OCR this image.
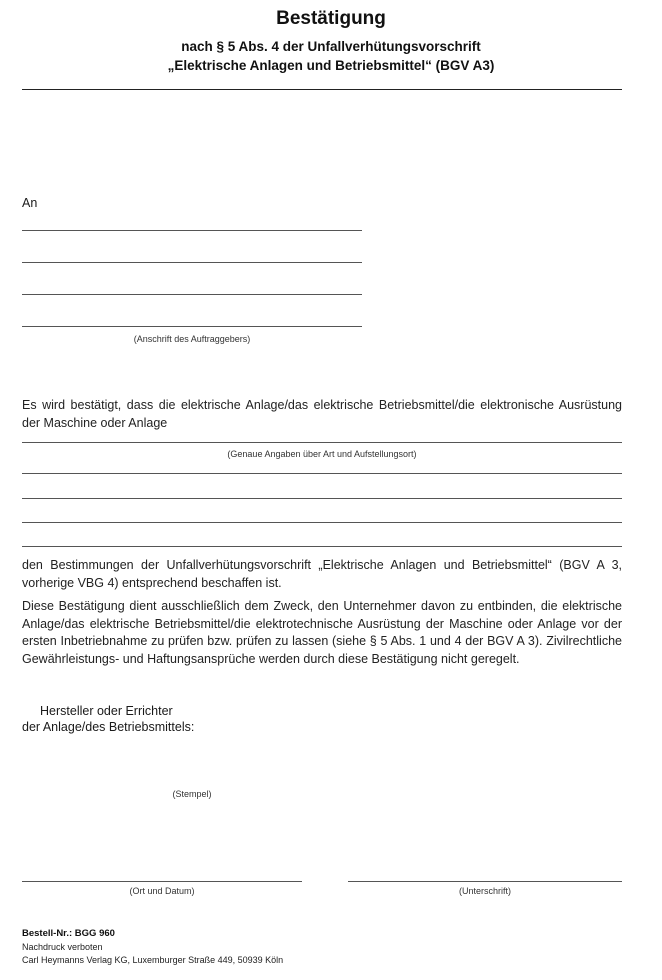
Bestätigung
nach § 5 Abs. 4 der Unfallverhütungsvorschrift
„Elektrische Anlagen und Betriebsmittel“ (BGV A3)
An
(Anschrift des Auftraggebers)
Es wird bestätigt, dass die elektrische Anlage/das elektrische Betriebsmittel/die elektronische Ausrüstung der Maschine oder Anlage
(Genaue Angaben über Art und Aufstellungsort)
den Bestimmungen der Unfallverhütungsvorschrift „Elektrische Anlagen und Betriebsmittel“ (BGV A 3, vorherige VBG 4) entsprechend beschaffen ist.
Diese Bestätigung dient ausschließlich dem Zweck, den Unternehmer davon zu entbinden, die elektrische Anlage/das elektrische Betriebsmittel/die elektrotechnische Ausrüstung der Maschine oder Anlage vor der ersten Inbetriebnahme zu prüfen bzw. prüfen zu lassen (siehe § 5 Abs. 1 und 4 der BGV A 3). Zivilrechtliche Gewährleistungs- und Haftungsansprüche werden durch diese Bestätigung nicht geregelt.
Hersteller oder Errichter
der Anlage/des Betriebsmittels:
(Stempel)
(Ort und Datum)	(Unterschrift)
Bestell-Nr.: BGG 960
Nachdruck verboten
Carl Heymanns Verlag KG, Luxemburger Straße 449, 50939 Köln
